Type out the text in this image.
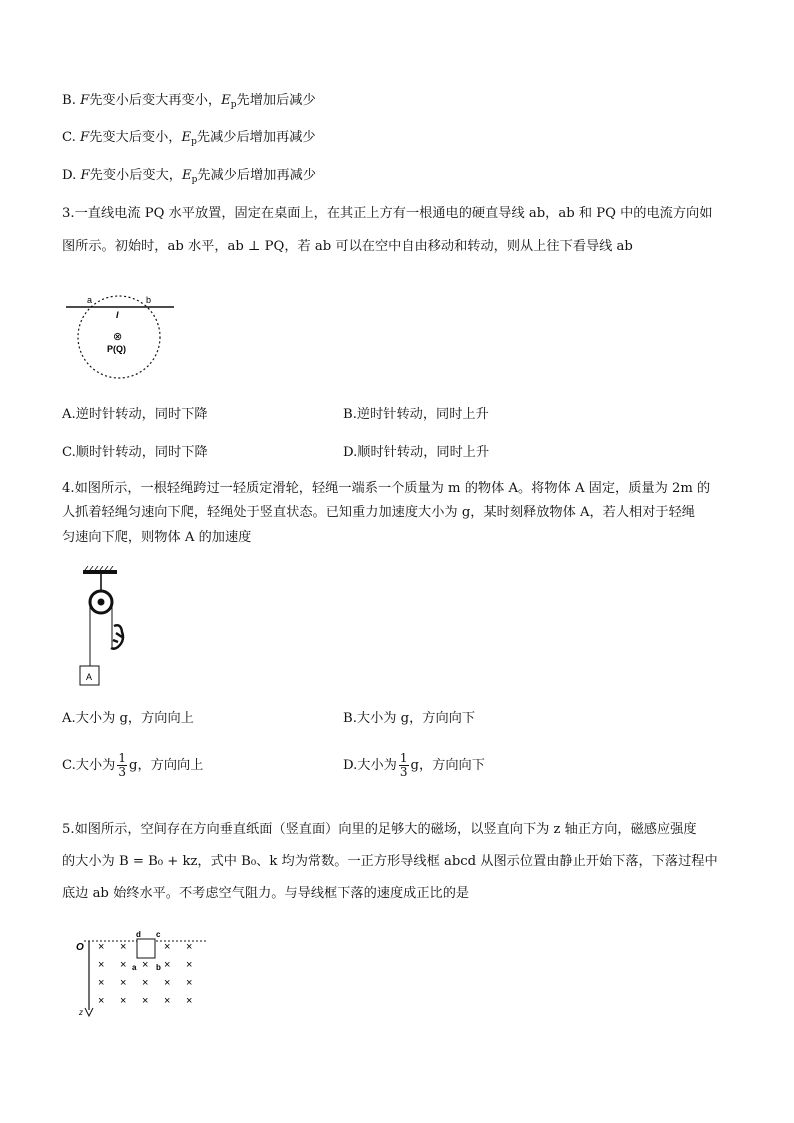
B. F先变小后变大再变小，$E_p$先增加后减少
C. F先变大后变小，$E_p$先减少后增加再减少
D. F先变小后变大，$E_p$先减少后增加再减少
3.一直线电流 PQ 水平放置，固定在桌面上，在其正上方有一根通电的硬直导线 ab，ab 和 PQ 中的电流方向如
图所示。初始时，ab 水平，ab ⊥ PQ，若 ab 可以在空中自由移动和转动，则从上往下看导线 ab
a	b
I
⊗
P(Q)
A.逆时针转动，同时下降	B.逆时针转动，同时上升
C.顺时针转动，同时下降	D.顺时针转动，同时上升
4.如图所示，一根轻绳跨过一轻质定滑轮，轻绳一端系一个质量为 m 的物体 A。将物体 A 固定，质量为 2m 的
人抓着轻绳匀速向下爬，轻绳处于竖直状态。已知重力加速度大小为 g，某时刻释放物体 A，若人相对于轻绳
匀速向下爬，则物体 A 的加速度
A
A.大小为 g，方向向上	B.大小为 g，方向向下
C.大小为 $\frac{1}{3}$ g，方向向上	D.大小为 $\frac{1}{3}$ g，方向向下
5.如图所示，空间存在方向垂直纸面（竖直面）向里的足够大的磁场，以竖直向下为 z 轴正方向，磁感应强度
的大小为 B = B₀ + kz，式中 B₀、k 均为常数。一正方形导线框 abcd 从图示位置由静止开始下落，下落过程中
底边 ab 始终水平。不考虑空气阻力。与导线框下落的速度成正比的是
O
z
d c
a b
× ×	× ×
× × × × ×
× × × × ×
× × × × ×
